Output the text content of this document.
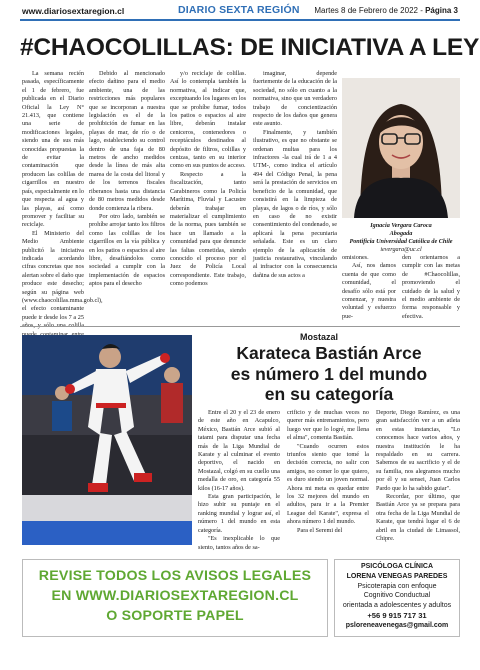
www.diariosextaregion.cl	DIARIO SEXTA REGIÓN Martes 8 de Febrero de 2022 - Página 3
#CHAOCOLILLAS: DE INICIATIVA A LEY

La semana recién pasada, específicamente el 1 de febrero, fue publicada en el Diario Oficial la Ley N° 21.413, que contiene una serie de modificaciones legales, siendo una de sus más conocidas propuestas la de evitar la contaminación que producen las colillas de cigarrillos en nuestro país, especialmente en lo que respecta al agua y las playas, así como promover y facilitar su reciclaje.

El Ministerio del Medio Ambiente publicitó la iniciativa indicada acordando cifras concretas que nos alertan sobre el daño que produce este desecho; según su página web (www.chaocolillas.mma.gob.cl), el efecto contaminante puede ir desde los 7 a 25

Debido al mencionado efecto dañino para el medio ambiente, una de las restricciones más populares que se incorporan a nuestra legislación es el de la prohibición de fumar en las playas de mar, de río o de lago, estableciendo su control dentro de una faja de 80 metros de ancho medidos desde la línea de más alta marea de la costa del litoral y de los terrenos fiscales riberanos hasta una distancia de 80 metros medidos desde donde comienza la ribera.

Por otro lado, también se prohíbe arrojar tanto los filtros como las colillas de los cigarrillos en la vía pública y en los patios o espacios al aire libre, desafiándolos como sociedad a cumplir con la implementación de espacios aptos para el desecho

y/o reciclaje de colillas. Así lo contempla también la normativa, al indicar que, exceptuando los lugares en los que se prohíbe fumar, todos los patios o espacios al aire libre, deberán instalar ceniceros, contenedores o receptáculos destinados al depósito de filtros, colillas y cenizas, tanto en su interior como en sus puntos de acceso.

Respecto a la fiscalización, tanto Carabineros como la Policía Marítima, Fluvial y Lacustre deberán trabajar en materializar el cumplimiento de la norma, pues también se hace un llamado a la comunidad para que denuncie las faltas cometidas, siendo conocido el proceso por el Juez de Policía Local correspondiente. Este trabajo, como podemos

imaginar, depende fuertemente de la educación de la sociedad, no sólo en cuanto a la normativa, sino que un verdadero trabajo de concientización respecto de los daños que genera este asunto.

Finalmente, y también ilustrativo, es que no obstante se ordenan multas para los infractores -la cual irá de 1 a 4 UTM-, como indica el artículo 494 del Código Penal, la pena será la prestación de servicios en beneficio de la comunidad, que consistirá en la limpieza de playas, de lagos o de ríos, y sólo en caso de no existir consentimiento del condenado, se aplicará la pena pecuniaria señalada. Este es un claro ejemplo de la aplicación de justicia restaurativa, vinculando al infractor con la consecuencia dañina de sus actos a

Ignacia Vergara Caroca
Abogada
Pontificia Universidad Católica de Chile
ievergara@uc.cl

omisiones.

Así, nos damos cuenta de que como comunidad, el desafío sólo está por comenzar, y nuestra voluntad y esfuerzo pue-

den orientarnos a cumplir con las metas de #Chaocolillas, promoviendo el cuidado de la salud y el medio ambiente de forma responsable y efectiva.

Mostazal
Karateca Bastián Arce
es número 1 del mundo
en su categoría

Entre el 20 y el 23 de enero de este año en Acapulco, México, Bastián Arce subió al tatami para disputar una fecha más de la Liga Mundial de Karate y al culminar el evento deportivo, el nacido en Mostazal, colgó en su cuello una medalla de oro, en categoría 55 kilos (16-17 años).

Esta gran participación, le hizo subir su puntaje en el ranking mundial y lograr así, el número 1 del mundo en esta categoría.

"Es inexplicable lo que siento, tantos años de sa-

crificio y de muchas veces no querer más entrenamientos, pero luego ver que lo logré, me llena el alma", comenta Bastián.

"Cuando ocurren estos triunfos siento que tomé la decisión correcta, no salir con amigos, no comer lo que quiero, es duro siendo un joven normal. Ahora mi meta es quedar entre los 32 mejores del mundo en adultos, para ir a la Premier League del Karate", expresa el ahora número 1 del mundo.

Para el Seremi del

Deporte, Diego Ramírez, es una gran satisfacción ver a un atleta en estas instancias, "Lo conocemos hace varios años, y nuestra institución le ha respaldado en su carrera. Sabemos de su sacrificio y el de su familia, nos alegramos mucho por él y su sensei, Juan Carlos Pardo que lo ha sabido guiar".

Recordar, por último, que Bastián Arce ya se prepara para otra fecha de la Liga Mundial de Karate, que tendrá lugar el 6 de abril en la ciudad de Limassol, Chipre.

REVISE TODOS LOS AVISOS LEGALES
EN WWW.DIARIOSEXTAREGION.CL
O SOPORTE PAPEL
PSICÓLOGA CLÍNICA
LORENA VENEGAS PAREDES
Psicoterapia con enfoque
Cognitivo Conductual
orientada a adolescentes y adultos
+56 9 915 717 31
psloreneavenegas@gmail.com
